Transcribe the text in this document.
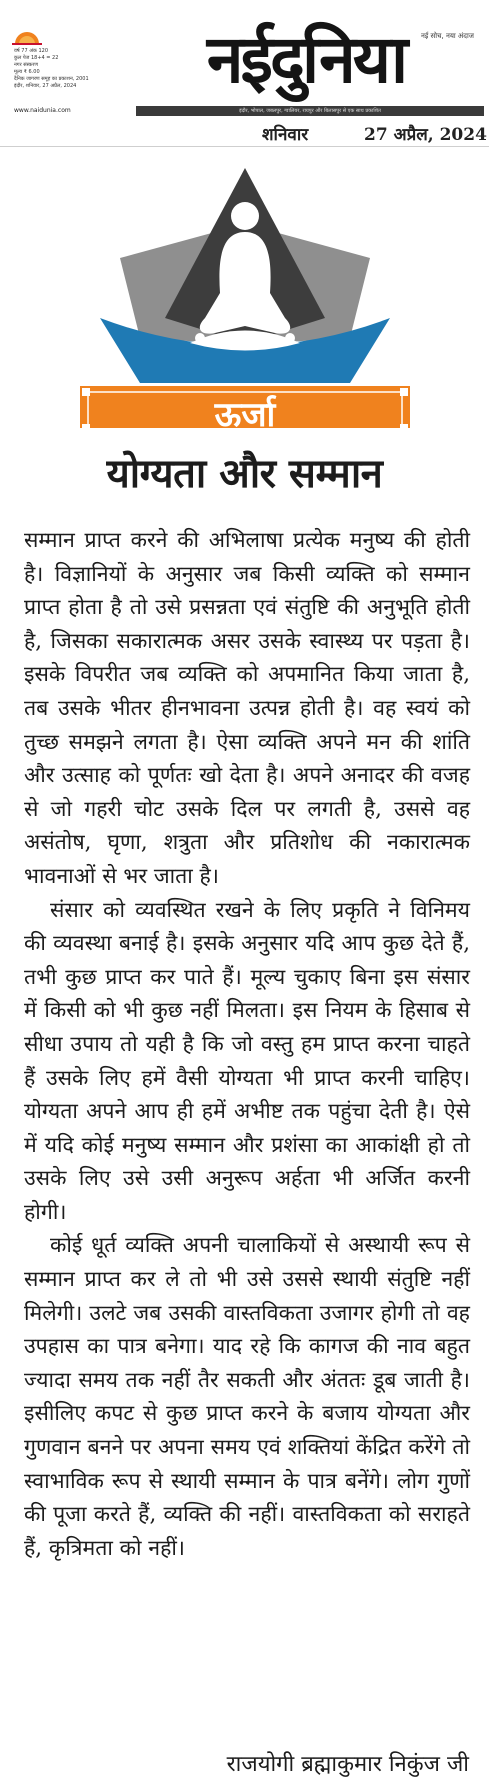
वर्ष 77 अंक 120
कुल पेज 18+4 = 22
नगर संस्करण
मूल्य ₹ 6.00
दैनिक जागरण समूह का प्रकाशन, 2001
इंदौर, शनिवार, 27 अप्रैल, 2024
www.naidunia.com
नई सोच, नया अंदाज
नईदुनिया
इंदौर, भोपाल, जबलपुर, ग्वालियर, रायपुर और बिलासपुर से एक साथ प्रकाशित
शनिवार	27 अप्रैल, 2024
ऊर्जा
योग्यता और सम्मान

सम्मान प्राप्त करने की अभिलाषा प्रत्येक मनुष्य की होती है। विज्ञानियों के अनुसार जब किसी व्यक्ति को सम्मान प्राप्त होता है तो उसे प्रसन्नता एवं संतुष्टि की अनुभूति होती है, जिसका सकारात्मक असर उसके स्वास्थ्य पर पड़ता है। इसके विपरीत जब व्यक्ति को अपमानित किया जाता है, तब उसके भीतर हीनभावना उत्पन्न होती है। वह स्वयं को तुच्छ समझने लगता है। ऐसा व्यक्ति अपने मन की शांति और उत्साह को पूर्णतः खो देता है। अपने अनादर की वजह से जो गहरी चोट उसके दिल पर लगती है, उससे वह असंतोष, घृणा, शत्रुता और प्रतिशोध की नकारात्मक भावनाओं से भर जाता है।

संसार को व्यवस्थित रखने के लिए प्रकृति ने विनिमय की व्यवस्था बनाई है। इसके अनुसार यदि आप कुछ देते हैं, तभी कुछ प्राप्त कर पाते हैं। मूल्य चुकाए बिना इस संसार में किसी को भी कुछ नहीं मिलता। इस नियम के हिसाब से सीधा उपाय तो यही है कि जो वस्तु हम प्राप्त करना चाहते हैं उसके लिए हमें वैसी योग्यता भी प्राप्त करनी चाहिए। योग्यता अपने आप ही हमें अभीष्ट तक पहुंचा देती है। ऐसे में यदि कोई मनुष्य सम्मान और प्रशंसा का आकांक्षी हो तो उसके लिए उसे उसी अनुरूप अर्हता भी अर्जित करनी होगी।

कोई धूर्त व्यक्ति अपनी चालाकियों से अस्थायी रूप से सम्मान प्राप्त कर ले तो भी उसे उससे स्थायी संतुष्टि नहीं मिलेगी। उलटे जब उसकी वास्तविकता उजागर होगी तो वह उपहास का पात्र बनेगा। याद रहे कि कागज की नाव बहुत ज्यादा समय तक नहीं तैर सकती और अंततः डूब जाती है। इसीलिए कपट से कुछ प्राप्त करने के बजाय योग्यता और गुणवान बनने पर अपना समय एवं शक्तियां केंद्रित करेंगे तो स्वाभाविक रूप से स्थायी सम्मान के पात्र बनेंगे। लोग गुणों की पूजा करते हैं, व्यक्ति की नहीं। वास्तविकता को सराहते हैं, कृत्रिमता को नहीं।

राजयोगी ब्रह्माकुमार निकुंज जी
